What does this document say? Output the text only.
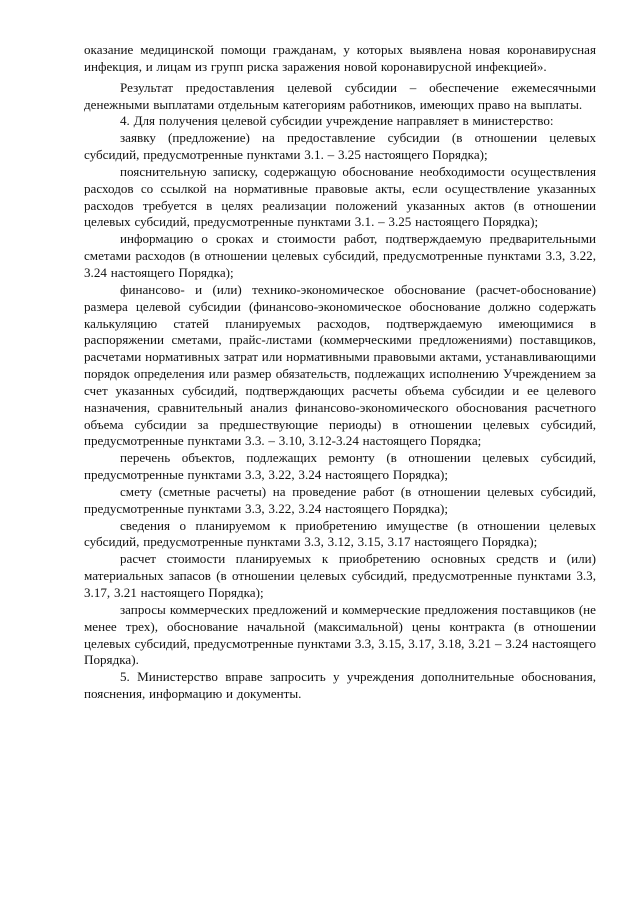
оказание медицинской помощи гражданам, у которых выявлена новая коронавирусная инфекция, и лицам из групп риска заражения новой коронавирусной инфекцией».

Результат предоставления целевой субсидии – обеспечение ежемесячными денежными выплатами отдельным категориям работников, имеющих право на выплаты.

4. Для получения целевой субсидии учреждение направляет в министерство:

заявку (предложение) на предоставление субсидии (в отношении целевых субсидий, предусмотренные пунктами 3.1. – 3.25 настоящего Порядка);

пояснительную записку, содержащую обоснование необходимости осуществления расходов со ссылкой на нормативные правовые акты, если осуществление указанных расходов требуется в целях реализации положений указанных актов (в отношении целевых субсидий, предусмотренные пунктами 3.1. – 3.25 настоящего Порядка);

информацию о сроках и стоимости работ, подтверждаемую предварительными сметами расходов (в отношении целевых субсидий, предусмотренные пунктами 3.3, 3.22, 3.24 настоящего Порядка);

финансово- и (или) технико-экономическое обоснование (расчет-обоснование) размера целевой субсидии (финансово-экономическое обоснование должно содержать калькуляцию статей планируемых расходов, подтверждаемую имеющимися в распоряжении сметами, прайс-листами (коммерческими предложениями) поставщиков, расчетами нормативных затрат или нормативными правовыми актами, устанавливающими порядок определения или размер обязательств, подлежащих исполнению Учреждением за счет указанных субсидий, подтверждающих расчеты объема субсидии и ее целевого назначения, сравнительный анализ финансово-экономического обоснования расчетного объема субсидии за предшествующие периоды) в отношении целевых субсидий, предусмотренные пунктами 3.3. – 3.10, 3.12-3.24 настоящего Порядка;

перечень объектов, подлежащих ремонту (в отношении целевых субсидий, предусмотренные пунктами 3.3, 3.22, 3.24 настоящего Порядка);

смету (сметные расчеты) на проведение работ (в отношении целевых субсидий, предусмотренные пунктами 3.3, 3.22, 3.24 настоящего Порядка);

сведения о планируемом к приобретению имуществе (в отношении целевых субсидий, предусмотренные пунктами 3.3, 3.12, 3.15, 3.17 настоящего Порядка);

расчет стоимости планируемых к приобретению основных средств и (или) материальных запасов (в отношении целевых субсидий, предусмотренные пунктами 3.3, 3.17, 3.21 настоящего Порядка);

запросы коммерческих предложений и коммерческие предложения поставщиков (не менее трех), обоснование начальной (максимальной) цены контракта (в отношении целевых субсидий, предусмотренные пунктами 3.3, 3.15, 3.17, 3.18, 3.21 – 3.24 настоящего Порядка).

5. Министерство вправе запросить у учреждения дополнительные обоснования, пояснения, информацию и документы.
